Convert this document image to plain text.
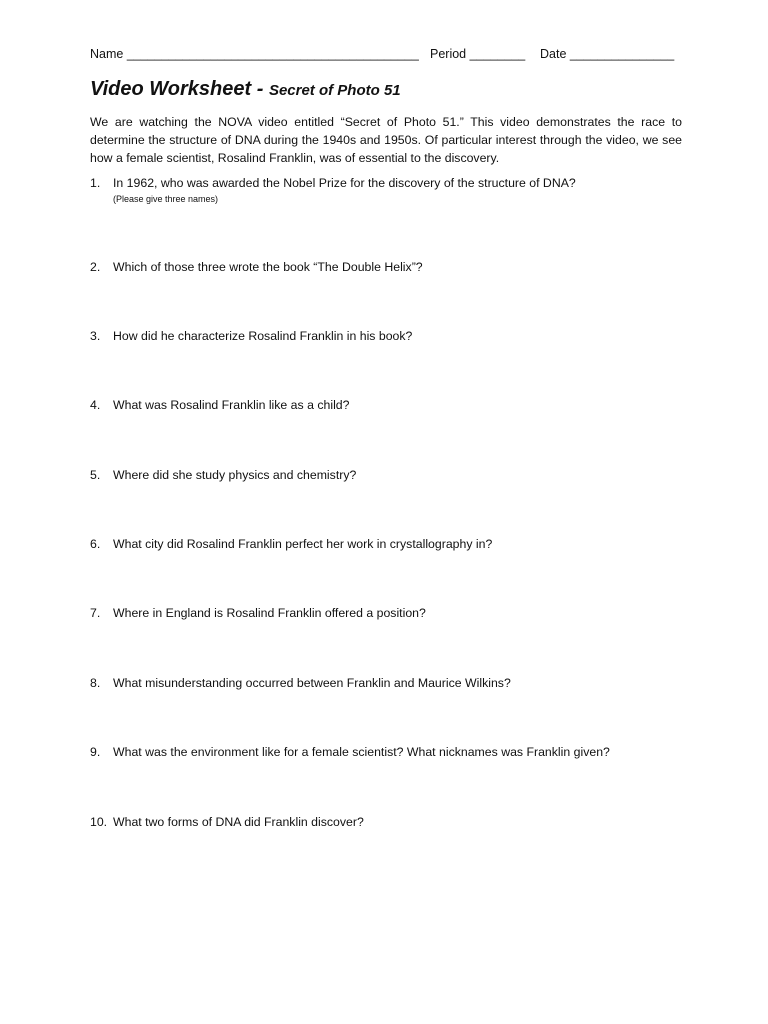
Name __________________________________________ Period ________ Date _______________
Video Worksheet - Secret of Photo 51
We are watching the NOVA video entitled “Secret of Photo 51.” This video demonstrates the race to determine the structure of DNA during the 1940s and 1950s. Of particular interest through the video, we see how a female scientist, Rosalind Franklin, was of essential to the discovery.
1. In 1962, who was awarded the Nobel Prize for the discovery of the structure of DNA?
(Please give three names)
2. Which of those three wrote the book “The Double Helix”?
3. How did he characterize Rosalind Franklin in his book?
4. What was Rosalind Franklin like as a child?
5. Where did she study physics and chemistry?
6. What city did Rosalind Franklin perfect her work in crystallography in?
7. Where in England is Rosalind Franklin offered a position?
8. What misunderstanding occurred between Franklin and Maurice Wilkins?
9. What was the environment like for a female scientist? What nicknames was Franklin given?
10. What two forms of DNA did Franklin discover?
